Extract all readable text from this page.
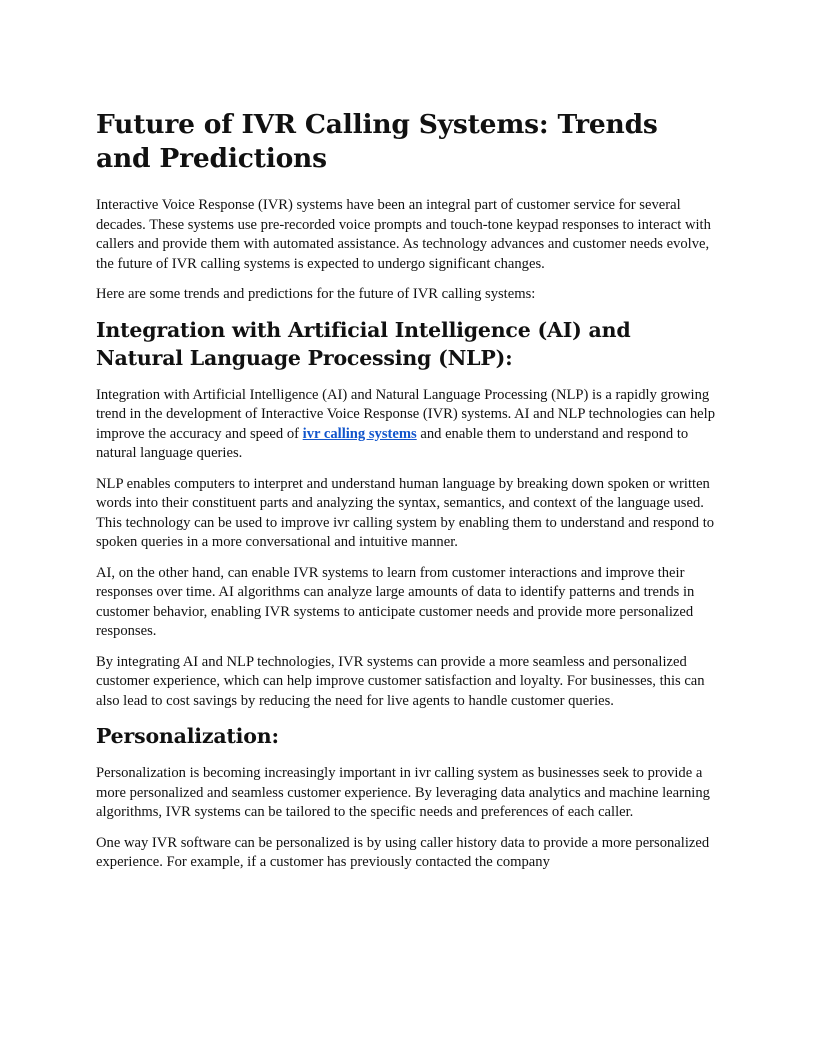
Future of IVR Calling Systems: Trends and Predictions

Interactive Voice Response (IVR) systems have been an integral part of customer service for several decades. These systems use pre-recorded voice prompts and touch-tone keypad responses to interact with callers and provide them with automated assistance. As technology advances and customer needs evolve, the future of IVR calling systems is expected to undergo significant changes.

Here are some trends and predictions for the future of IVR calling systems:

Integration with Artificial Intelligence (AI) and Natural Language Processing (NLP):

Integration with Artificial Intelligence (AI) and Natural Language Processing (NLP) is a rapidly growing trend in the development of Interactive Voice Response (IVR) systems. AI and NLP technologies can help improve the accuracy and speed of ivr calling systems and enable them to understand and respond to natural language queries.

NLP enables computers to interpret and understand human language by breaking down spoken or written words into their constituent parts and analyzing the syntax, semantics, and context of the language used. This technology can be used to improve ivr calling system by enabling them to understand and respond to spoken queries in a more conversational and intuitive manner.

AI, on the other hand, can enable IVR systems to learn from customer interactions and improve their responses over time. AI algorithms can analyze large amounts of data to identify patterns and trends in customer behavior, enabling IVR systems to anticipate customer needs and provide more personalized responses.

By integrating AI and NLP technologies, IVR systems can provide a more seamless and personalized customer experience, which can help improve customer satisfaction and loyalty. For businesses, this can also lead to cost savings by reducing the need for live agents to handle customer queries.

Personalization:

Personalization is becoming increasingly important in ivr calling system as businesses seek to provide a more personalized and seamless customer experience. By leveraging data analytics and machine learning algorithms, IVR systems can be tailored to the specific needs and preferences of each caller.

One way IVR software can be personalized is by using caller history data to provide a more personalized experience. For example, if a customer has previously contacted the company
